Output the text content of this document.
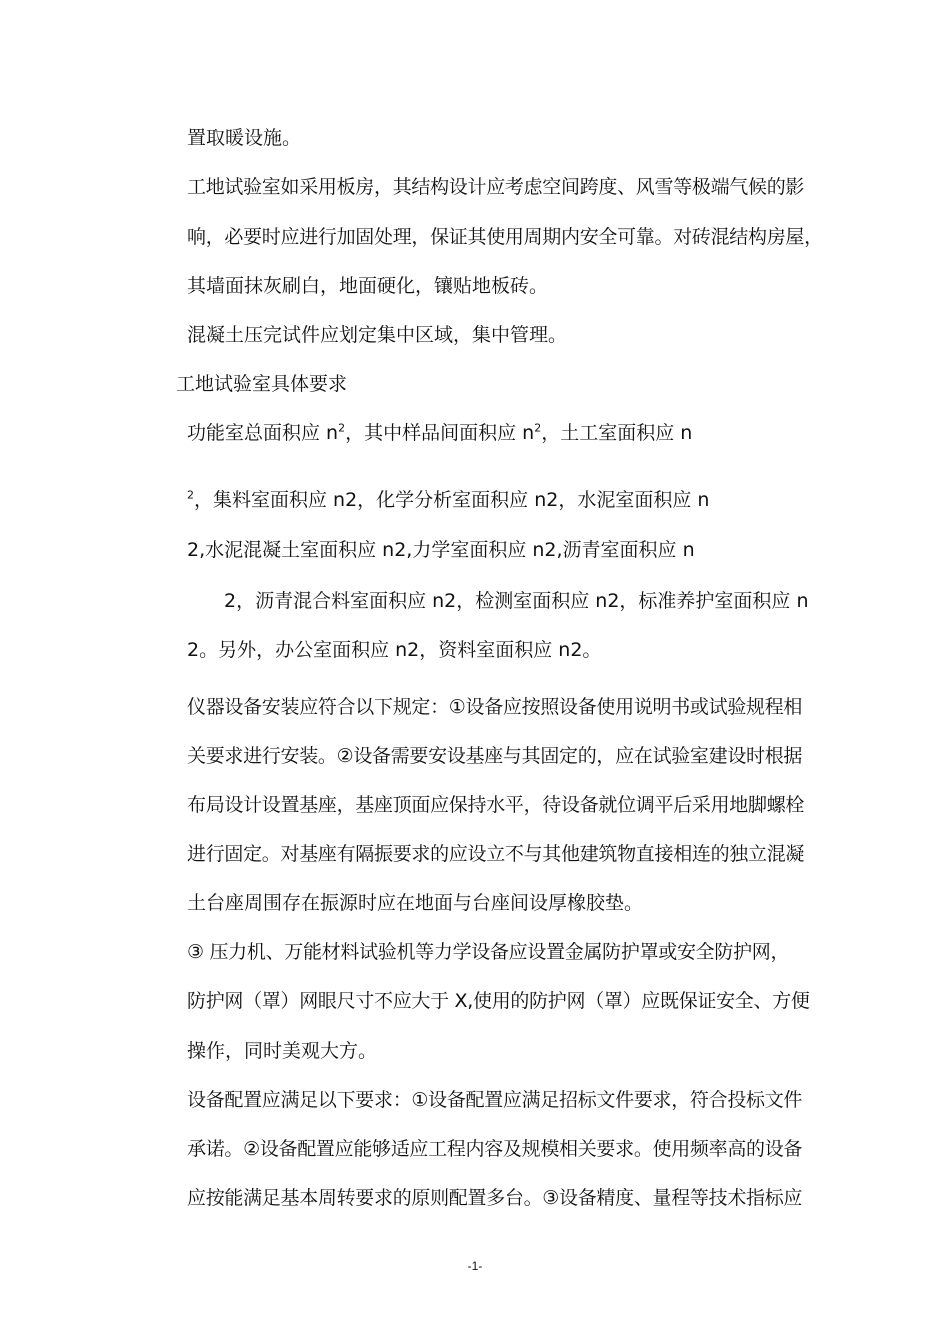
置取暖设施。
工地试验室如采用板房，其结构设计应考虑空间跨度、风雪等极端气候的影
响，必要时应进行加固处理，保证其使用周期内安全可靠。对砖混结构房屋，
其墙面抹灰刷白，地面硬化，镶贴地板砖。
混凝土压完试件应划定集中区域，集中管理。
工地试验室具体要求
功能室总面积应 $n^2$，其中样品间面积应 $n^2$，土工室面积应 n
$^2$，集料室面积应 n2，化学分析室面积应 n2，水泥室面积应 n
2,水泥混凝土室面积应 n2,力学室面积应 n2,沥青室面积应 n
2，沥青混合料室面积应 n2，检测室面积应 n2，标准养护室面积应 n
2。另外，办公室面积应 n2，资料室面积应 n2。
仪器设备安装应符合以下规定：①设备应按照设备使用说明书或试验规程相
关要求进行安装。②设备需要安设基座与其固定的，应在试验室建设时根据
布局设计设置基座，基座顶面应保持水平，待设备就位调平后采用地脚螺栓
进行固定。对基座有隔振要求的应设立不与其他建筑物直接相连的独立混凝
土台座周围存在振源时应在地面与台座间设厚橡胶垫。
③ 压力机、万能材料试验机等力学设备应设置金属防护罩或安全防护网，
防护网（罩）网眼尺寸不应大于 X,使用的防护网（罩）应既保证安全、方便
操作，同时美观大方。
设备配置应满足以下要求：①设备配置应满足招标文件要求，符合投标文件
承诺。②设备配置应能够适应工程内容及规模相关要求。使用频率高的设备
应按能满足基本周转要求的原则配置多台。③设备精度、量程等技术指标应
-1-
